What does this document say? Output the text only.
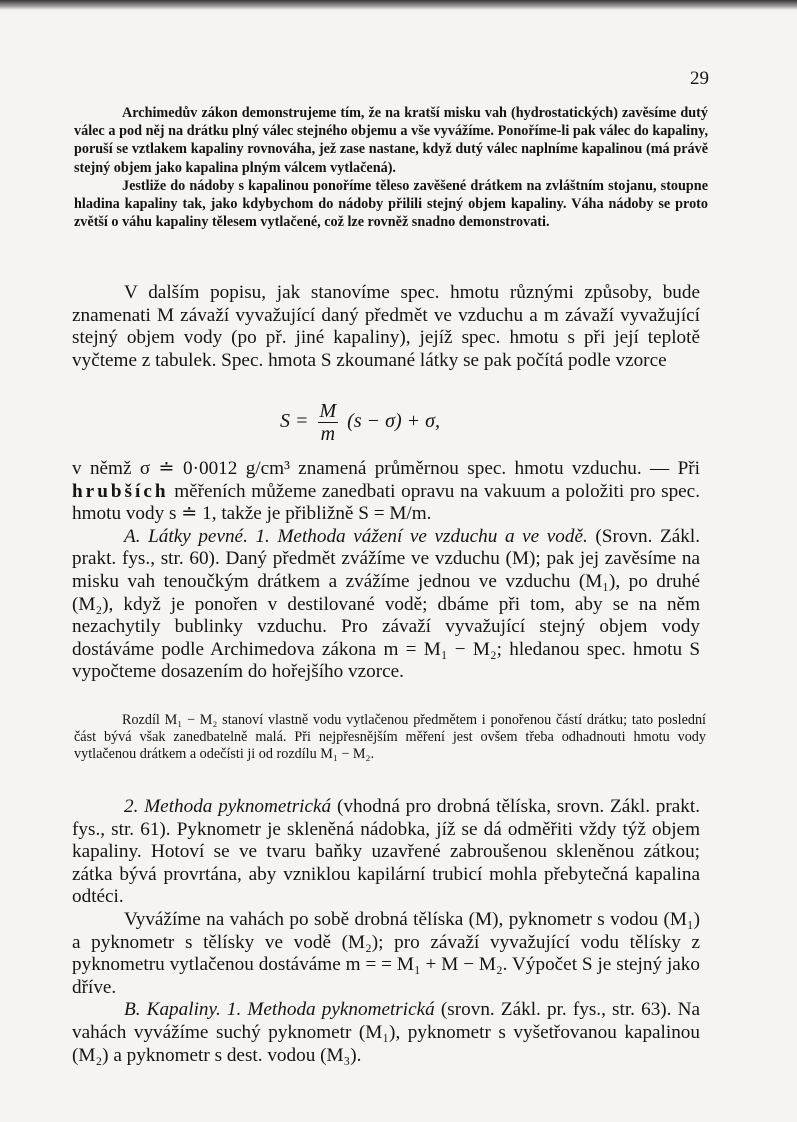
29

Archimedův zákon demonstrujeme tím, že na kratší misku vah (hydrostatických) zavěsíme dutý válec a pod něj na drátku plný válec stejného objemu a vše vyvážíme. Ponoříme-li pak válec do kapaliny, poruší se vztlakem kapaliny rovnováha, jež zase nastane, když dutý válec naplníme kapalinou (má právě stejný objem jako kapalina plným válcem vytlačená).

Jestliže do nádoby s kapalinou ponoříme těleso zavěšené drátkem na zvláštním stojanu, stoupne hladina kapaliny tak, jako kdybychom do nádoby přilili stejný objem kapaliny. Váha nádoby se proto zvětší o váhu kapaliny tělesem vytlačené, což lze rovněž snadno demonstrovati.

V dalším popisu, jak stanovíme spec. hmotu různými způsoby, bude znamenati M závaží vyvažující daný předmět ve vzduchu a m závaží vyvažující stejný objem vody (po př. jiné kapaliny), jejíž spec. hmotu s při její teplotě vyčteme z tabulek. Spec. hmota S zkoumané látky se pak počítá podle vzorce

$S = \frac{M}{m} (s - \sigma) + \sigma$,

v němž σ ≐ 0·0012 g/cm³ znamená průměrnou spec. hmotu vzduchu. — Při hrubších měřeních můžeme zanedbati opravu na vakuum a položiti pro spec. hmotu vody s ≐ 1, takže je přibližně S = M/m.

A. Látky pevné. 1. Methoda vážení ve vzduchu a ve vodě. (Srovn. Zákl. prakt. fys., str. 60). Daný předmět zvážíme ve vzduchu (M); pak jej zavěsíme na misku vah tenoučkým drátkem a zvážíme jednou ve vzduchu (M₁), po druhé (M₂), když je ponořen v destilované vodě; dbáme při tom, aby se na něm nezachytily bublinky vzduchu. Pro závaží vyvažující stejný objem vody dostáváme podle Archimedova zákona m = M₁ − M₂; hledanou spec. hmotu S vypočteme dosazením do hořejšího vzorce.

Rozdíl M₁ − M₂ stanoví vlastně vodu vytlačenou předmětem i ponořenou částí drátku; tato poslední část bývá však zanedbatelně malá. Při nejpřesnějším měření jest ovšem třeba odhadnouti hmotu vody vytlačenou drátkem a odečísti ji od rozdílu M₁ − M₂.

2. Methoda pyknometrická (vhodná pro drobná tělíska, srovn. Zákl. prakt. fys., str. 61). Pyknometr je skleněná nádobka, jíž se dá odměřiti vždy týž objem kapaliny. Hotoví se ve tvaru baňky uzavřené zabroušenou skleněnou zátkou; zátka bývá provrtána, aby vzniklou kapilární trubicí mohla přebytečná kapalina odtéci.

Vyvážíme na vahách po sobě drobná tělíska (M), pyknometr s vodou (M₁) a pyknometr s tělísky ve vodě (M₂); pro závaží vyvažující vodu tělísky z pyknometru vytlačenou dostáváme m = = M₁ + M − M₂. Výpočet S je stejný jako dříve.

B. Kapaliny. 1. Methoda pyknometrická (srovn. Zákl. pr. fys., str. 63). Na vahách vyvážíme suchý pyknometr (M₁), pyknometr s vyšetřovanou kapalinou (M₂) a pyknometr s dest. vodou (M₃).
